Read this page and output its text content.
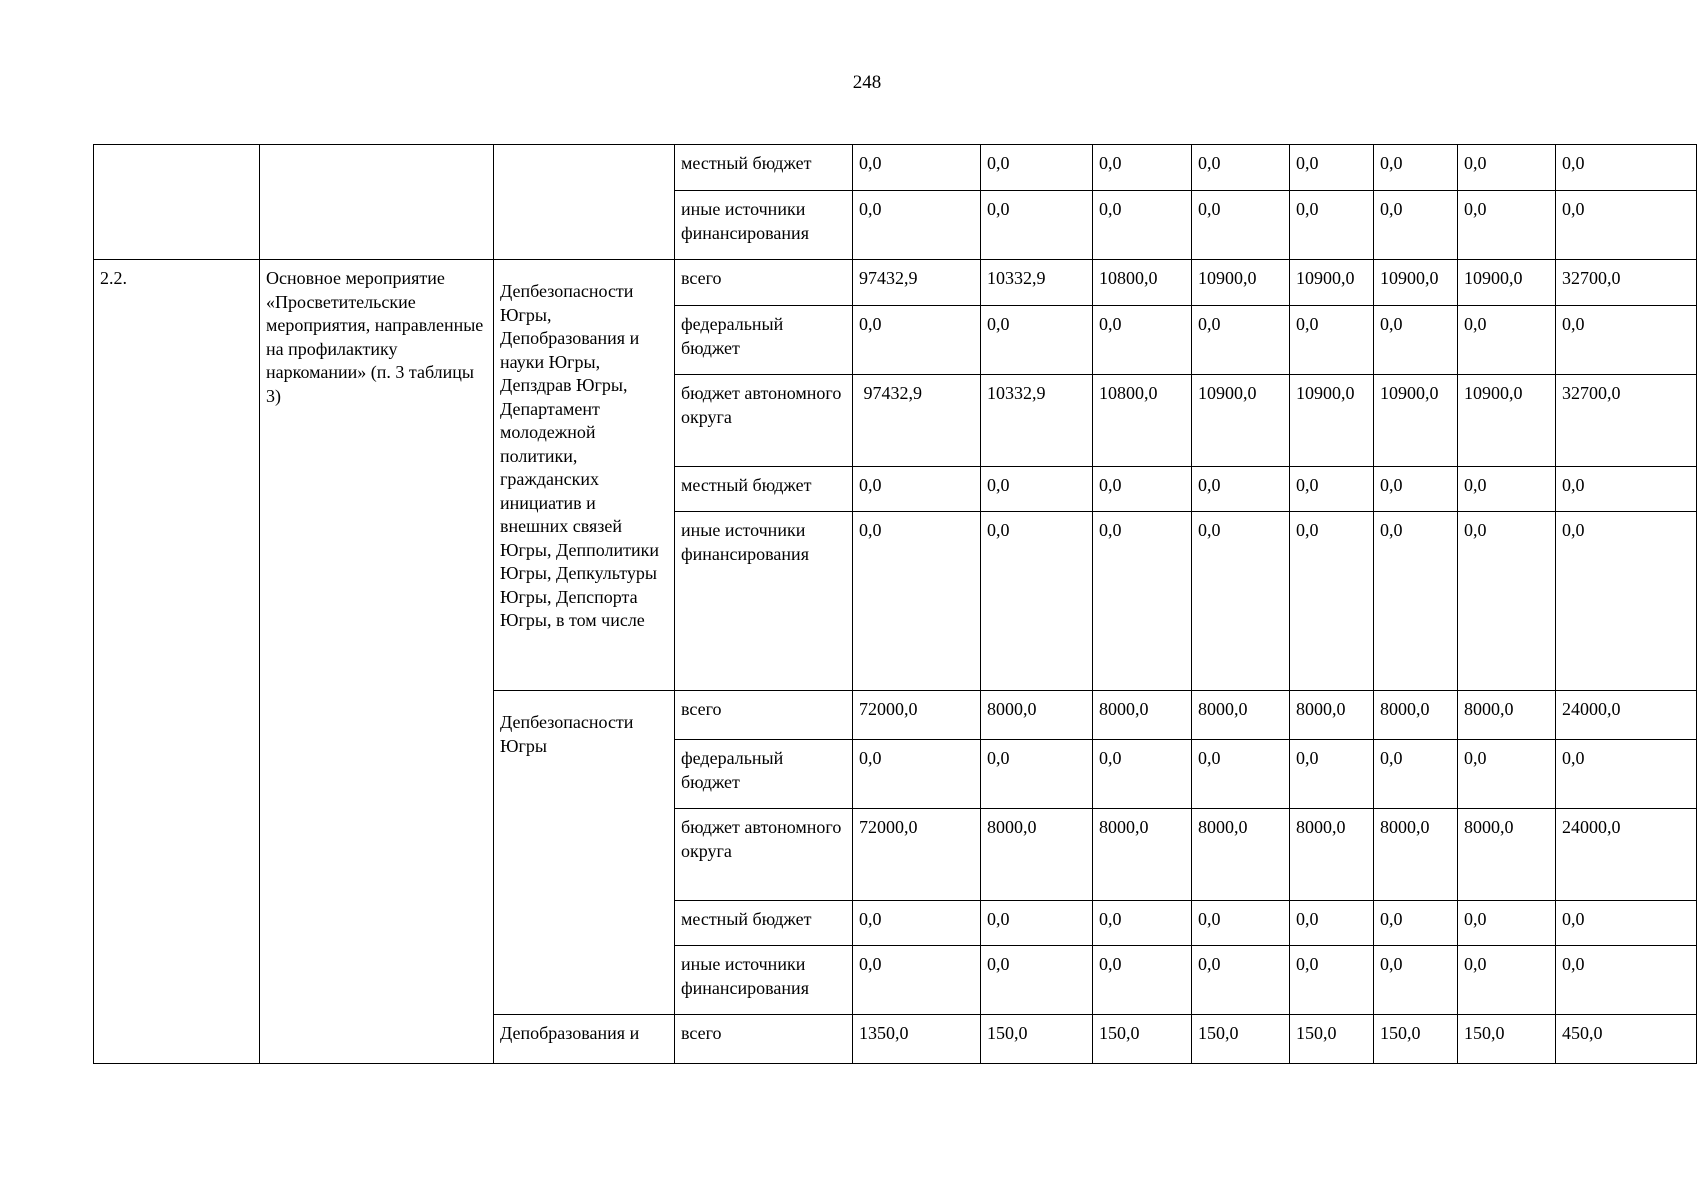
248
			местный бюджет	0,0	0,0	0,0	0,0	0,0	0,0	0,0	0,0
			иные источники финансирования	0,0	0,0	0,0	0,0	0,0	0,0	0,0	0,0
2.2.	Основное мероприятие «Просветительские мероприятия, направленные на профилактику наркомании» (п. 3 таблицы 3)	Депбезопасности Югры, Депобразования и науки Югры, Депздрав Югры, Департамент молодежной политики, гражданских инициатив и внешних связей Югры, Депполитики Югры, Депкультуры Югры, Депспорта Югры, в том числе	всего	97432,9	10332,9	10800,0	10900,0	10900,0	10900,0	10900,0	32700,0
			федеральный бюджет	0,0	0,0	0,0	0,0	0,0	0,0	0,0	0,0
			бюджет автономного округа	97432,9	10332,9	10800,0	10900,0	10900,0	10900,0	10900,0	32700,0
			местный бюджет	0,0	0,0	0,0	0,0	0,0	0,0	0,0	0,0
			иные источники финансирования	0,0	0,0	0,0	0,0	0,0	0,0	0,0	0,0
		Депбезопасности Югры	всего	72000,0	8000,0	8000,0	8000,0	8000,0	8000,0	8000,0	24000,0
			федеральный бюджет	0,0	0,0	0,0	0,0	0,0	0,0	0,0	0,0
			бюджет автономного округа	72000,0	8000,0	8000,0	8000,0	8000,0	8000,0	8000,0	24000,0
			местный бюджет	0,0	0,0	0,0	0,0	0,0	0,0	0,0	0,0
			иные источники финансирования	0,0	0,0	0,0	0,0	0,0	0,0	0,0	0,0
		Депобразования и	всего	1350,0	150,0	150,0	150,0	150,0	150,0	150,0	450,0
